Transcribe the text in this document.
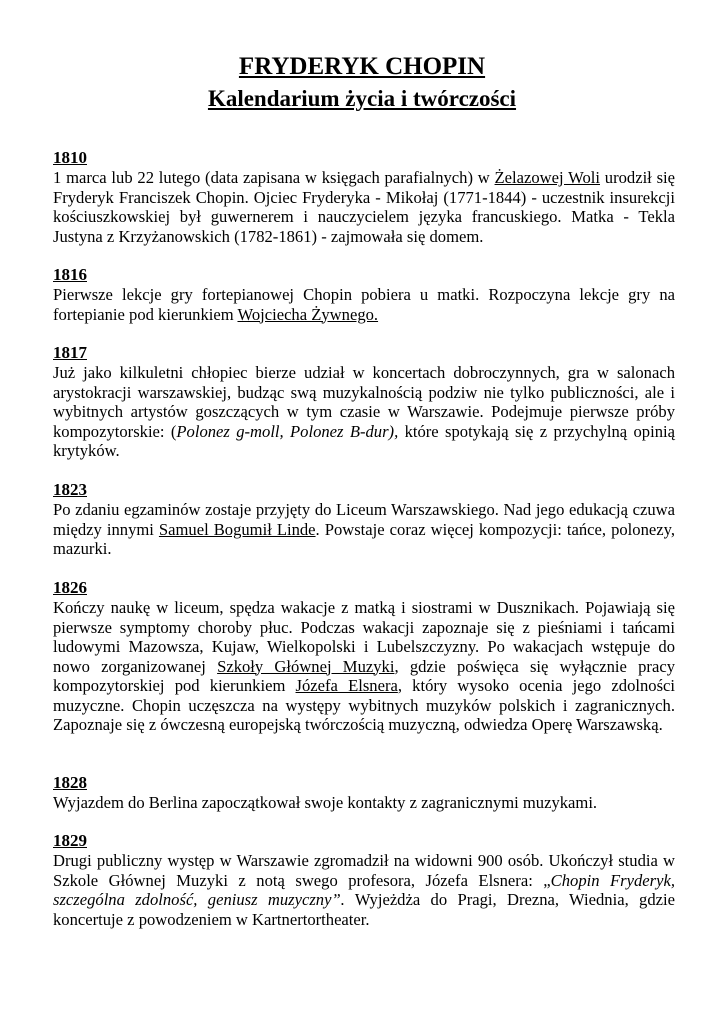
FRYDERYK CHOPIN
Kalendarium życia i twórczości

1810

1 marca lub 22 lutego (data zapisana w księgach parafialnych) w Żelazowej Woli urodził się Fryderyk Franciszek Chopin. Ojciec Fryderyka - Mikołaj (1771-1844) - uczestnik insurekcji kościuszkowskiej był guwernerem i nauczycielem języka francuskiego. Matka - Tekla Justyna z Krzyżanowskich (1782-1861) - zajmowała się domem.

1816

Pierwsze lekcje gry fortepianowej Chopin pobiera u matki. Rozpoczyna lekcje gry na fortepianie pod kierunkiem Wojciecha Żywnego.

1817

Już jako kilkuletni chłopiec bierze udział w koncertach dobroczynnych, gra w salonach arystokracji warszawskiej, budząc swą muzykalnością podziw nie tylko publiczności, ale i wybitnych artystów goszczących w tym czasie w Warszawie. Podejmuje pierwsze próby kompozytorskie: (Polonez g-moll, Polonez B-dur), które spotykają się z przychylną opinią krytyków.

1823

Po zdaniu egzaminów zostaje przyjęty do Liceum Warszawskiego. Nad jego edukacją czuwa między innymi Samuel Bogumił Linde. Powstaje coraz więcej kompozycji: tańce, polonezy, mazurki.

1826

Kończy naukę w liceum, spędza wakacje z matką i siostrami w Dusznikach. Pojawiają się pierwsze symptomy choroby płuc. Podczas wakacji zapoznaje się z pieśniami i tańcami ludowymi Mazowsza, Kujaw, Wielkopolski i Lubelszczyzny. Po wakacjach wstępuje do nowo zorganizowanej Szkoły Głównej Muzyki, gdzie poświęca się wyłącznie pracy kompozytorskiej pod kierunkiem Józefa Elsnera, który wysoko ocenia jego zdolności muzyczne. Chopin uczęszcza na występy wybitnych muzyków polskich i zagranicznych. Zapoznaje się z ówczesną europejską twórczością muzyczną, odwiedza Operę Warszawską.

1828

Wyjazdem do Berlina zapoczątkował swoje kontakty z zagranicznymi muzykami.

1829

Drugi publiczny występ w Warszawie zgromadził na widowni 900 osób. Ukończył studia w Szkole Głównej Muzyki z notą swego profesora, Józefa Elsnera: „Chopin Fryderyk, szczególna zdolność, geniusz muzyczny”. Wyjeżdża do Pragi, Drezna, Wiednia, gdzie koncertuje z powodzeniem w Kartnertortheater.
